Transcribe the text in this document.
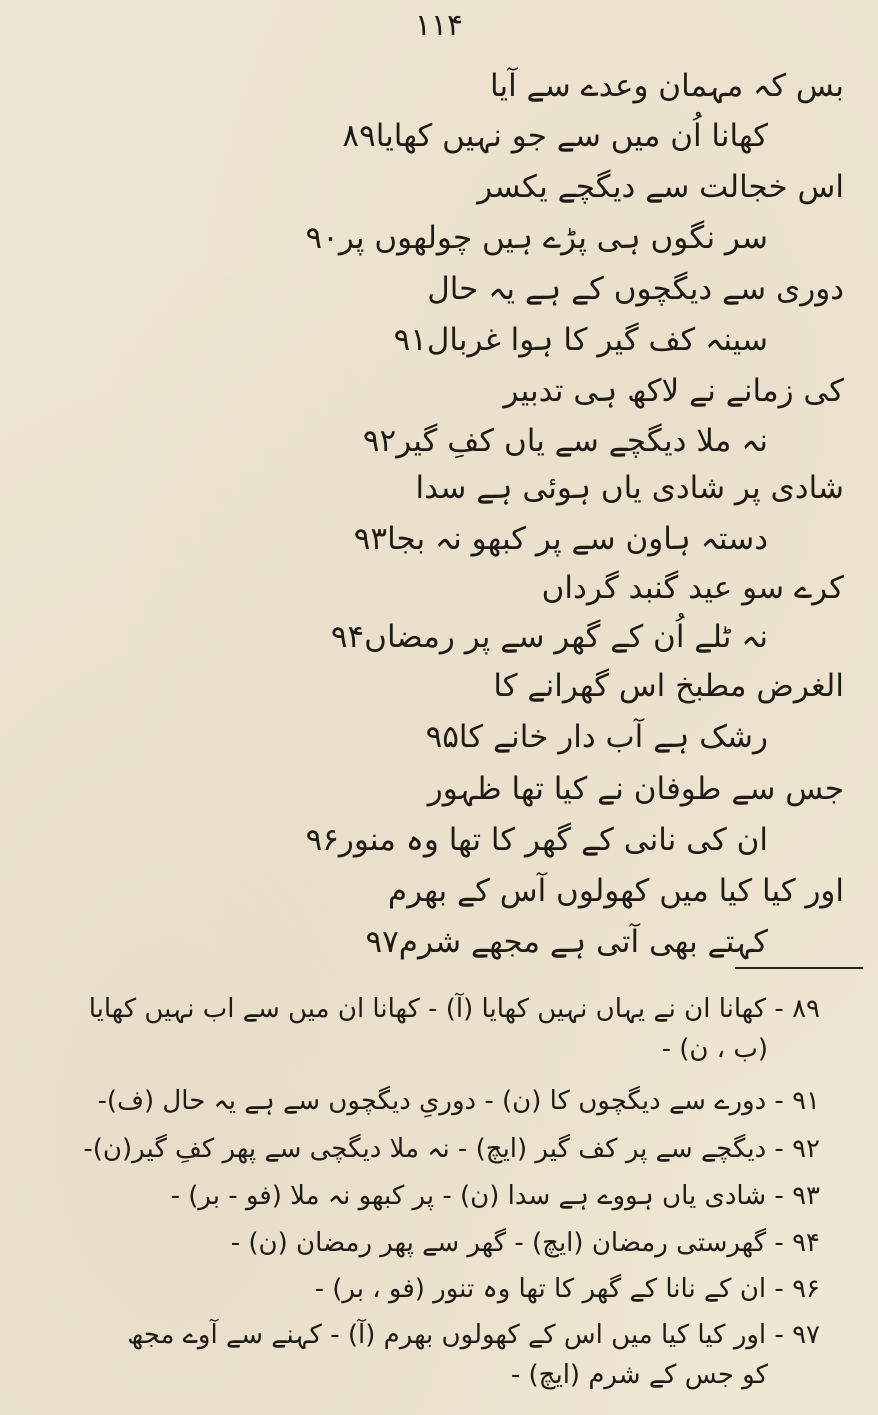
۱۱۴
بس کہ مہمان وعدے سے آیا
کھانا اُن میں سے جو نہیں کھایا۸۹
اس خجالت سے دیگچے یکسر
سر نگوں ہی پڑے ہیں چولھوں پر۹۰
دوری سے دیگچوں کے ہے یہ حال
سینہ کف گیر کا ہوا غربال۹۱
کی زمانے نے لاکھ ہی تدبیر
نہ ملا دیگچے سے یاں کفِ گیر۹۲
شادی پر شادی یاں ہوئی ہے سدا
دستہ ہاون سے پر کبھو نہ بجا۹۳
کرے سو عید گنبد گرداں
نہ ٹلے اُن کے گھر سے پر رمضاں۹۴
الغرض مطبخ اس گھرانے کا
رشک ہے آب دار خانے کا۹۵
جس سے طوفان نے کیا تھا ظہور
ان کی نانی کے گھر کا تھا وہ منور۹۶
اور کیا کیا میں کھولوں آس کے بھرم
کہتے بھی آتی ہے مجھے شرم۹۷
۸۹ - کھانا ان نے یہاں نہیں کھایا (آ) - کھانا ان میں سے اب نہیں کھایا
(ب ، ن) -
۹۱ - دورے سے دیگچوں کا (ن) - دوریِ دیگچوں سے ہے یہ حال (ف)-
۹۲ - دیگچے سے پر کف گیر (ایچ) - نہ ملا دیگچی سے پھر کفِ گیر(ن)-
۹۳ - شادی یاں ہووے ہے سدا (ن) - پر کبھو نہ ملا (فو - بر) -
۹۴ - گھرستی رمضان (ایچ) - گھر سے پھر رمضان (ن) -
۹۶ - ان کے نانا کے گھر کا تھا وہ تنور (فو ، بر) -
۹۷ - اور کیا کیا میں اس کے کھولوں بھرم (آ) - کہنے سے آوے مجھ
کو جس کے شرم (ایچ) -
